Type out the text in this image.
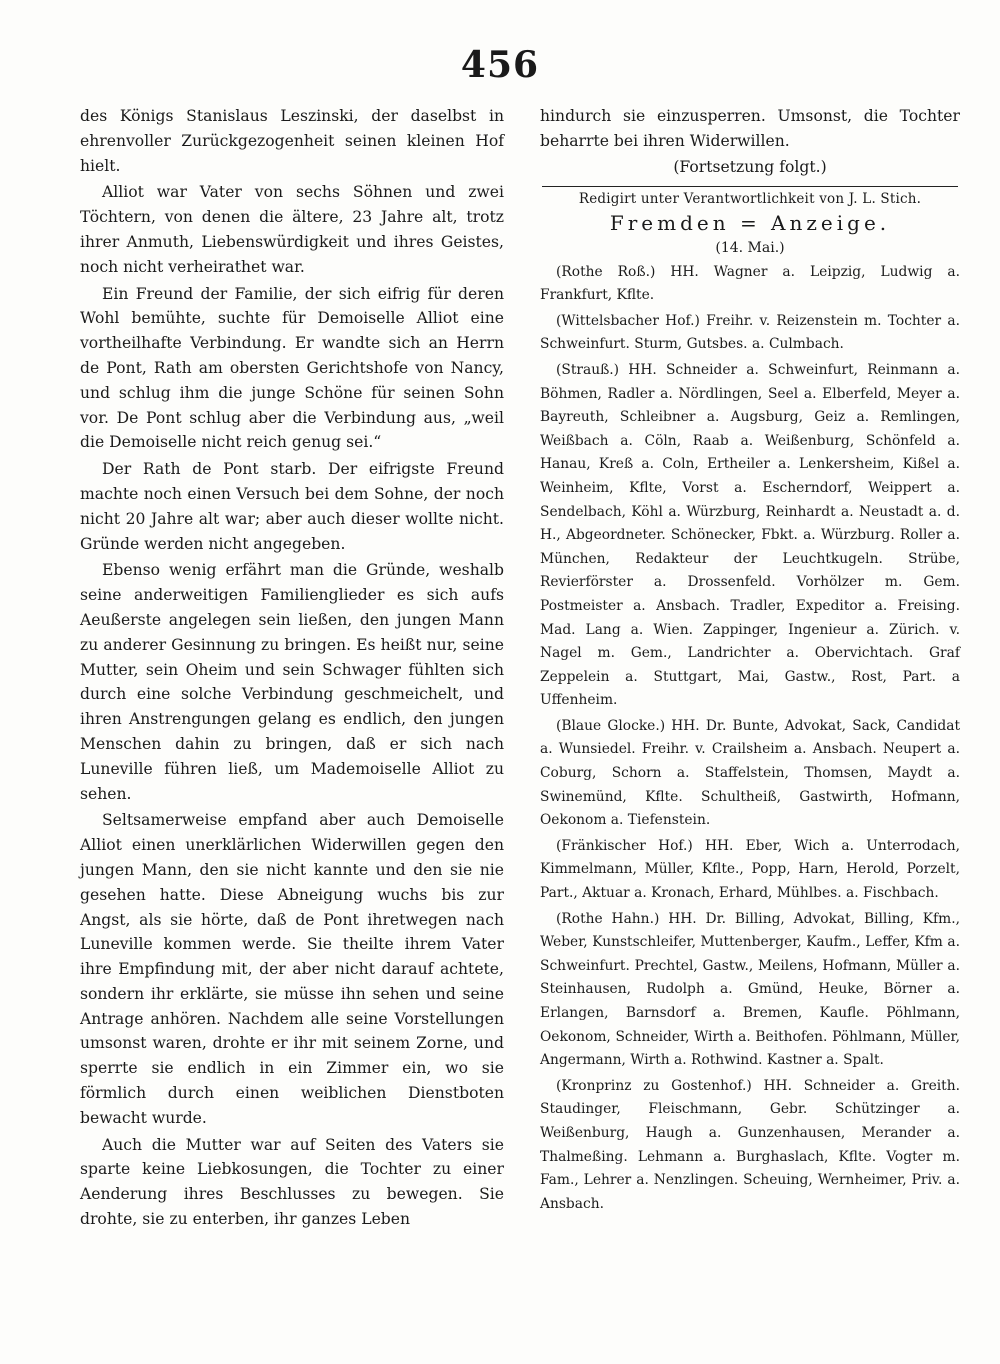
456

des Königs Stanislaus Leszinski, der daselbst in ehrenvoller Zurückgezogenheit seinen kleinen Hof hielt.

Alliot war Vater von sechs Söhnen und zwei Töchtern, von denen die ältere, 23 Jahre alt, trotz ihrer Anmuth, Liebenswürdigkeit und ihres Geistes, noch nicht verheirathet war.

Ein Freund der Familie, der sich eifrig für deren Wohl bemühte, suchte für Demoiselle Alliot eine vortheilhafte Verbindung. Er wandte sich an Herrn de Pont, Rath am obersten Gerichtshofe von Nancy, und schlug ihm die junge Schöne für seinen Sohn vor. De Pont schlug aber die Verbindung aus, „weil die Demoiselle nicht reich genug sei.“

Der Rath de Pont starb. Der eifrigste Freund machte noch einen Versuch bei dem Sohne, der noch nicht 20 Jahre alt war; aber auch dieser wollte nicht. Gründe werden nicht angegeben.

Ebenso wenig erfährt man die Gründe, weshalb seine anderweitigen Familienglieder es sich aufs Aeußerste angelegen sein ließen, den jungen Mann zu anderer Gesinnung zu bringen. Es heißt nur, seine Mutter, sein Oheim und sein Schwager fühlten sich durch eine solche Verbindung geschmeichelt, und ihren Anstrengungen gelang es endlich, den jungen Menschen dahin zu bringen, daß er sich nach Luneville führen ließ, um Mademoiselle Alliot zu sehen.

Seltsamerweise empfand aber auch Demoiselle Alliot einen unerklärlichen Widerwillen gegen den jungen Mann, den sie nicht kannte und den sie nie gesehen hatte. Diese Abneigung wuchs bis zur Angst, als sie hörte, daß de Pont ihretwegen nach Luneville kommen werde. Sie theilte ihrem Vater ihre Empfindung mit, der aber nicht darauf achtete, sondern ihr erklärte, sie müsse ihn sehen und seine Antrage anhören. Nachdem alle seine Vorstellungen umsonst waren, drohte er ihr mit seinem Zorne, und sperrte sie endlich in ein Zimmer ein, wo sie förmlich durch einen weiblichen Dienstboten bewacht wurde.

Auch die Mutter war auf Seiten des Vaters sie sparte keine Liebkosungen, die Tochter zu einer Aenderung ihres Beschlusses zu bewegen. Sie drohte, sie zu enterben, ihr ganzes Leben

hindurch sie einzusperren. Umsonst, die Tochter beharrte bei ihren Widerwillen.

(Fortsetzung folgt.)

Redigirt unter Verantwortlichkeit von J. L. Stich.

Fremden = Anzeige.

(14. Mai.)

(Rothe Roß.) HH. Wagner a. Leipzig, Ludwig a. Frankfurt, Kflte.

(Wittelsbacher Hof.) Freihr. v. Reizenstein m. Tochter a. Schweinfurt. Sturm, Gutsbes. a. Culmbach.

(Strauß.) HH. Schneider a. Schweinfurt, Reinmann a. Böhmen, Radler a. Nördlingen, Seel a. Elberfeld, Meyer a. Bayreuth, Schleibner a. Augsburg, Geiz a. Remlingen, Weißbach a. Cöln, Raab a. Weißenburg, Schönfeld a. Hanau, Kreß a. Coln, Ertheiler a. Lenkersheim, Kißel a. Weinheim, Kflte, Vorst a. Escherndorf, Weippert a. Sendelbach, Köhl a. Würzburg, Reinhardt a. Neustadt a. d. H., Abgeordneter. Schönecker, Fbkt. a. Würzburg. Roller a. München, Redakteur der Leuchtkugeln. Strübe, Revierförster a. Drossenfeld. Vorhölzer m. Gem. Postmeister a. Ansbach. Tradler, Expeditor a. Freising. Mad. Lang a. Wien. Zappinger, Ingenieur a. Zürich. v. Nagel m. Gem., Landrichter a. Obervichtach. Graf Zeppelein a. Stuttgart, Mai, Gastw., Rost, Part. a Uffenheim.

(Blaue Glocke.) HH. Dr. Bunte, Advokat, Sack, Candidat a. Wunsiedel. Freihr. v. Crailsheim a. Ansbach. Neupert a. Coburg, Schorn a. Staffelstein, Thomsen, Maydt a. Swinemünd, Kflte. Schultheiß, Gastwirth, Hofmann, Oekonom a. Tiefenstein.

(Fränkischer Hof.) HH. Eber, Wich a. Unterrodach, Kimmelmann, Müller, Kflte., Popp, Harn, Herold, Porzelt, Part., Aktuar a. Kronach, Erhard, Mühlbes. a. Fischbach.

(Rothe Hahn.) HH. Dr. Billing, Advokat, Billing, Kfm., Weber, Kunstschleifer, Muttenberger, Kaufm., Leffer, Kfm a. Schweinfurt. Prechtel, Gastw., Meilens, Hofmann, Müller a. Steinhausen, Rudolph a. Gmünd, Heuke, Börner a. Erlangen, Barnsdorf a. Bremen, Kaufle. Pöhlmann, Oekonom, Schneider, Wirth a. Beithofen. Pöhlmann, Müller, Angermann, Wirth a. Rothwind. Kastner a. Spalt.

(Kronprinz zu Gostenhof.) HH. Schneider a. Greith. Staudinger, Fleischmann, Gebr. Schützinger a. Weißenburg, Haugh a. Gunzenhausen, Merander a. Thalmeßing. Lehmann a. Burghaslach, Kflte. Vogter m. Fam., Lehrer a. Nenzlingen. Scheuing, Wernheimer, Priv. a. Ansbach.
